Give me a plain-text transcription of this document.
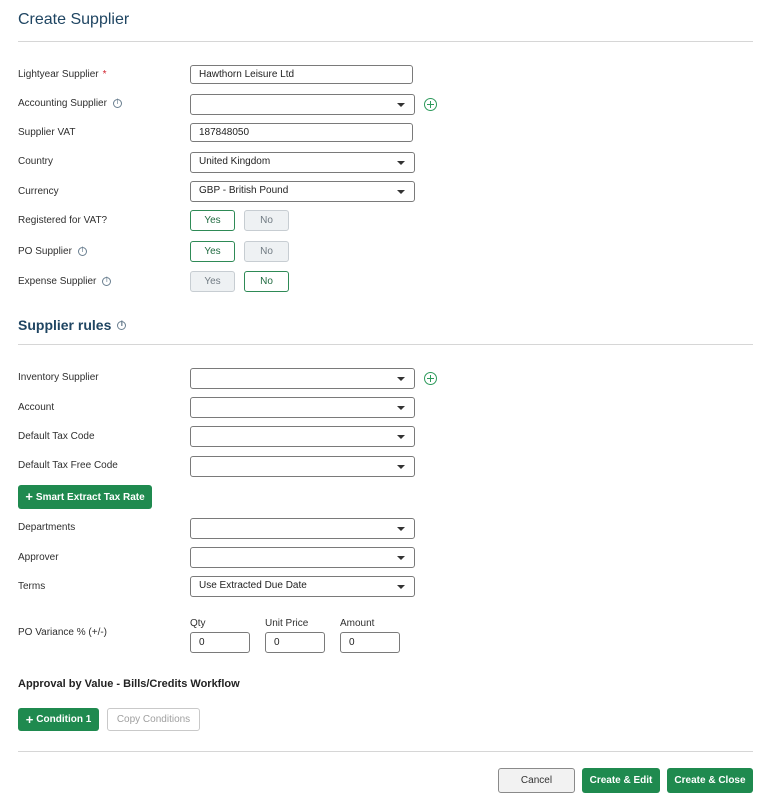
Create Supplier
Lightyear Supplier *	Hawthorn Leisure Ltd
Accounting Supplier
i
Supplier VAT	187848050
Country	United Kingdom
Currency	GBP - British Pound
Registered for VAT?	Yes	No
PO Supplier i	Yes	No
Expense Supplier i	Yes	No
Supplier rules
i
Inventory Supplier
Account
Default Tax Code
Default Tax Free Code
+ Smart Extract Tax Rate
Departments
Approver
Terms	Use Extracted Due Date
PO Variance % (+/-)
Qty
0
Unit Price
0
Amount
0
Approval by Value - Bills/Credits Workflow
+ Condition 1	Copy Conditions
Cancel	Create & Edit	Create & Close
